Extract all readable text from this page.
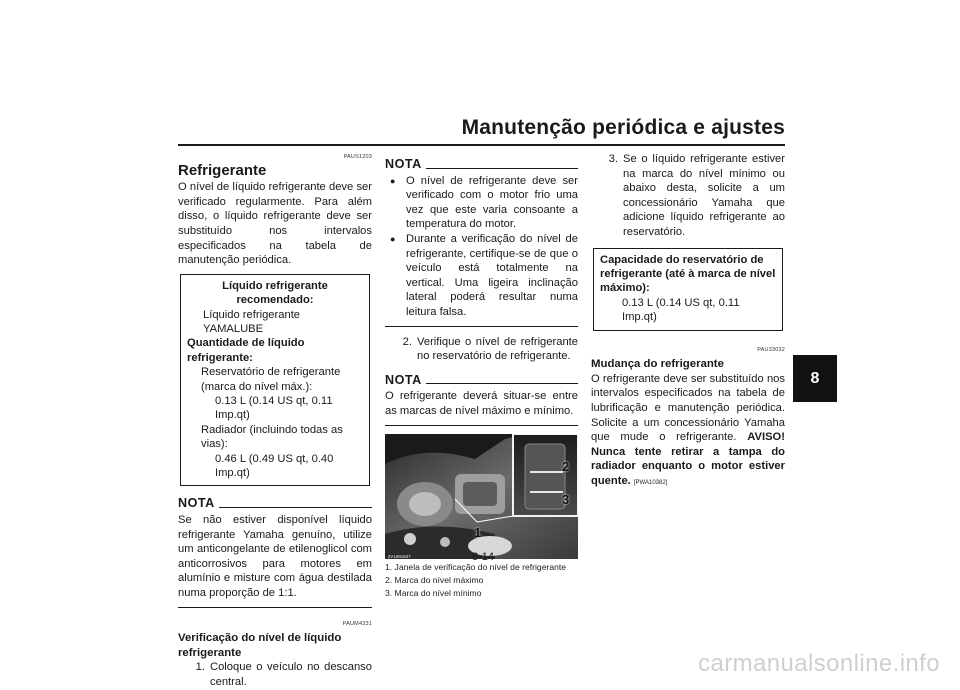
Manutenção periódica e ajustes
8
PAUS1203
Refrigerante
O nível de líquido refrigerante deve ser verificado regularmente. Para além disso, o líquido refrigerante deve ser substituído nos intervalos especificados na tabela de manutenção periódica.
Líquido refrigerante recomendado:
Líquido refrigerante YAMALUBE
Quantidade de líquido refrigerante:
Reservatório de refrigerante (marca do nível máx.):
0.13 L (0.14 US qt, 0.11 Imp.qt)
Radiador (incluindo todas as vias):
0.46 L (0.49 US qt, 0.40 Imp.qt)
NOTA
Se não estiver disponível líquido refrigerante Yamaha genuíno, utilize um anticongelante de etilenoglicol com anticorrosivos para motores em alumínio e misture com água destilada numa proporção de 1:1.
PAUM4331
Verificação do nível de líquido refrigerante
1. Coloque o veículo no descanso central.
NOTA
● O nível de refrigerante deve ser verificado com o motor frio uma vez que este varia consoante a temperatura do motor.
● Durante a verificação do nível de refrigerante, certifique-se de que o veículo está totalmente na vertical. Uma ligeira inclinação lateral poderá resultar numa leitura falsa.
2. Verifique o nível de refrigerante no reservatório de refrigerante.
NOTA
O refrigerante deverá situar-se entre as marcas de nível máximo e mínimo.
1
2
3
ZAUM1847
1. Janela de verificação do nível de refrigerante
2. Marca do nível máximo
3. Marca do nível mínimo
3. Se o líquido refrigerante estiver na marca do nível mínimo ou abaixo desta, solicite a um concessionário Yamaha que adicione líquido refrigerante ao reservatório.
Capacidade do reservatório de refrigerante (até à marca de nível máximo):
0.13 L (0.14 US qt, 0.11 Imp.qt)
PAU33032
Mudança do refrigerante
O refrigerante deve ser substituído nos intervalos especificados na tabela de lubrificação e manutenção periódica. Solicite a um concessionário Yamaha que mude o refrigerante. AVISO! Nunca tente retirar a tampa do radiador enquanto o motor estiver quente. [PWA10382]
8-14
carmanualsonline.info
